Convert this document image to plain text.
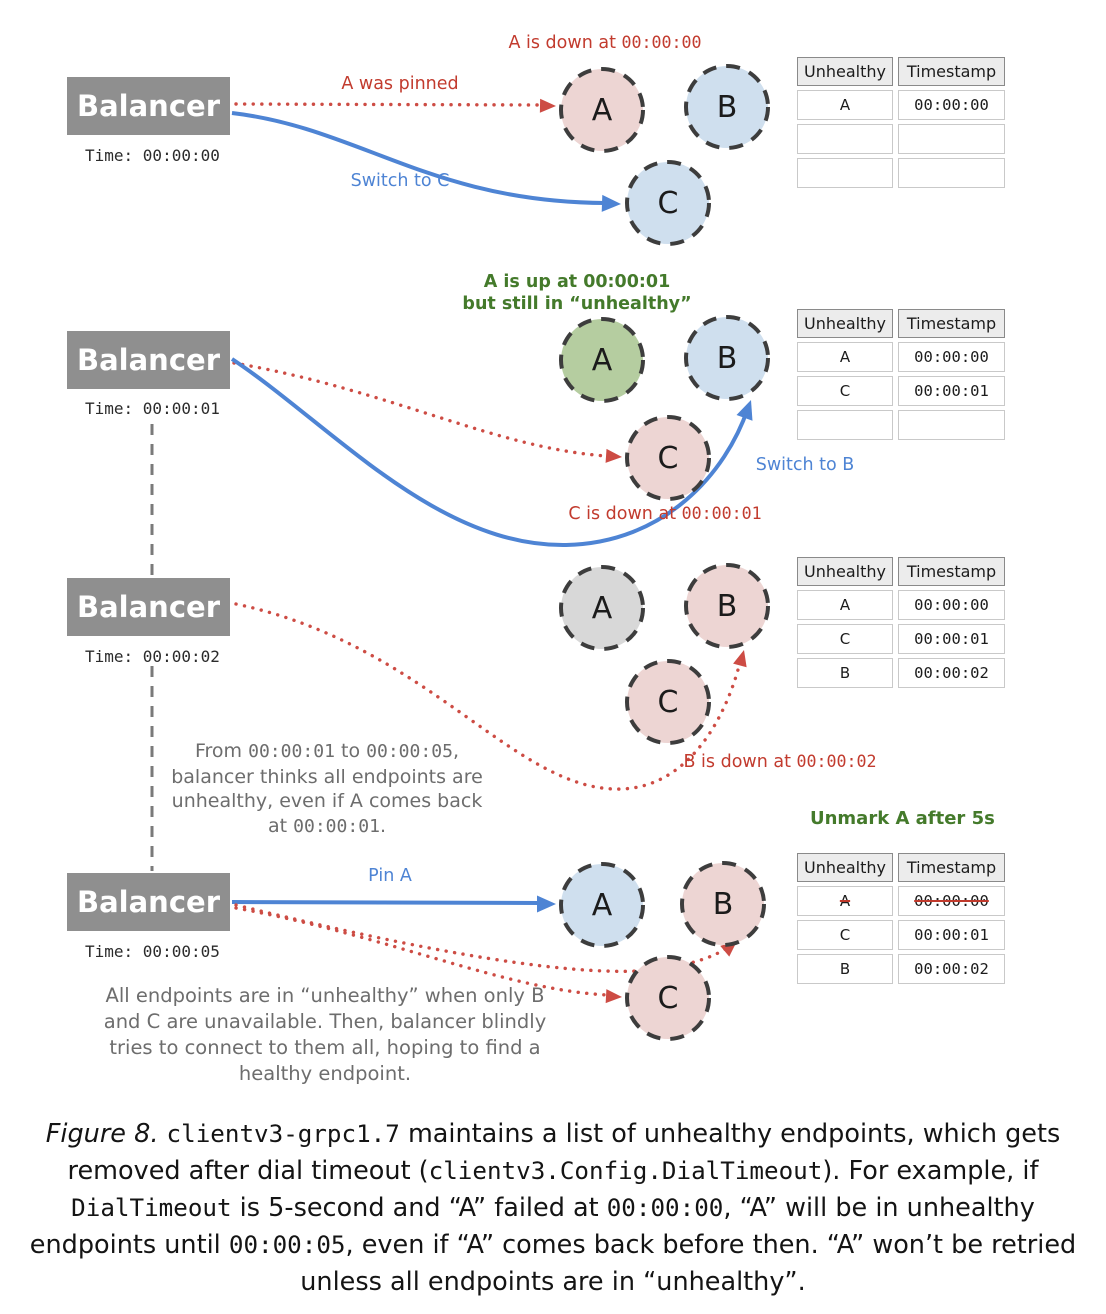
A	B
C
A	B
C
A	B
C
A	B
C
Balancer
Time: 00:00:00
Balancer
Time: 00:00:01
Balancer
Time: 00:00:02
Balancer
Time: 00:00:05
A is down at 00:00:00
A was pinned
Switch to C
A is up at 00:00:01
but still in “unhealthy”
Switch to B
C is down at 00:00:01
From 00:00:01 to 00:00:05,
balancer thinks all endpoints are
unhealthy, even if A comes back
at 00:00:01.
B is down at 00:00:02
Pin A
Unmark A after 5s
All endpoints are in “unhealthy” when only B
and C are unavailable. Then, balancer blindly
tries to connect to them all, hoping to find a
healthy endpoint.
Unhealthy	Timestamp
A	00:00:00
Unhealthy	Timestamp
A	00:00:00
C	00:00:01
Unhealthy	Timestamp
A	00:00:00
C	00:00:01
B	00:00:02
Unhealthy	Timestamp
A	00:00:00
C	00:00:01
B	00:00:02
Figure 8. clientv3-grpc1.7 maintains a list of unhealthy endpoints, which gets removed after dial timeout (clientv3.Config.DialTimeout). For example, if DialTimeout is 5-second and “A” failed at 00:00:00, “A” will be in unhealthy endpoints until 00:00:05, even if “A” comes back before then. “A” won’t be retried unless all endpoints are in “unhealthy”.
